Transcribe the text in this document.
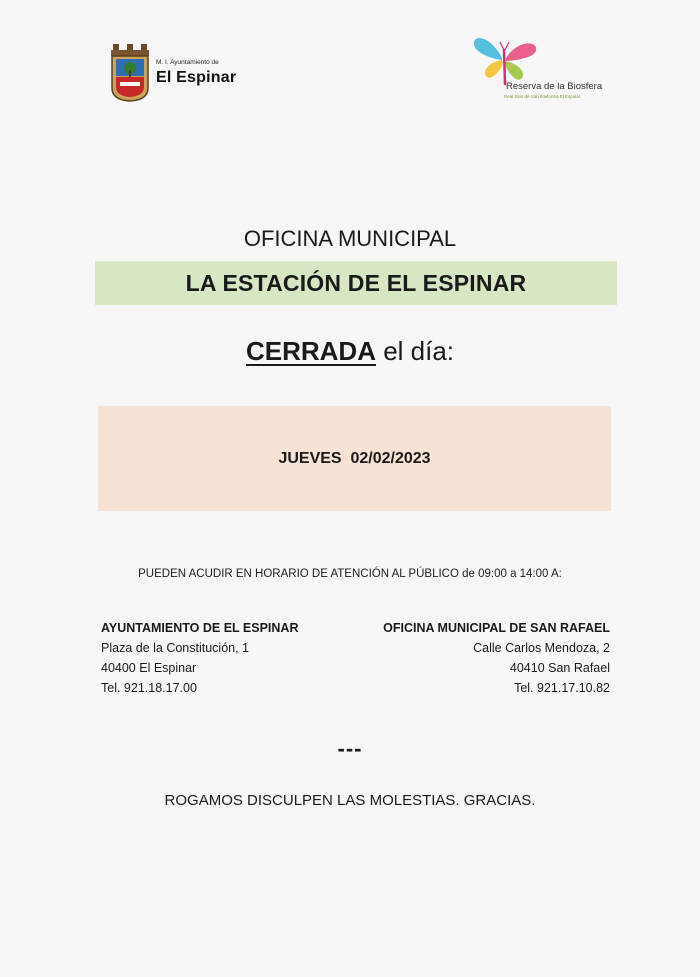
M. I. Ayuntamiento de
El Espinar
Reserva de la Biosfera
Real Sitio de San Ildefonso-El Espinar
OFICINA MUNICIPAL
LA ESTACIÓN DE EL ESPINAR
CERRADA el día:
JUEVES  02/02/2023
PUEDEN ACUDIR EN HORARIO DE ATENCIÓN AL PÚBLICO de 09:00 a 14:00 A:
AYUNTAMIENTO DE EL ESPINAR
Plaza de la Constitución, 1
40400 El Espinar
Tel. 921.18.17.00
OFICINA MUNICIPAL DE SAN RAFAEL
Calle Carlos Mendoza, 2
40410 San Rafael
Tel. 921.17.10.82
---
ROGAMOS DISCULPEN LAS MOLESTIAS. GRACIAS.
